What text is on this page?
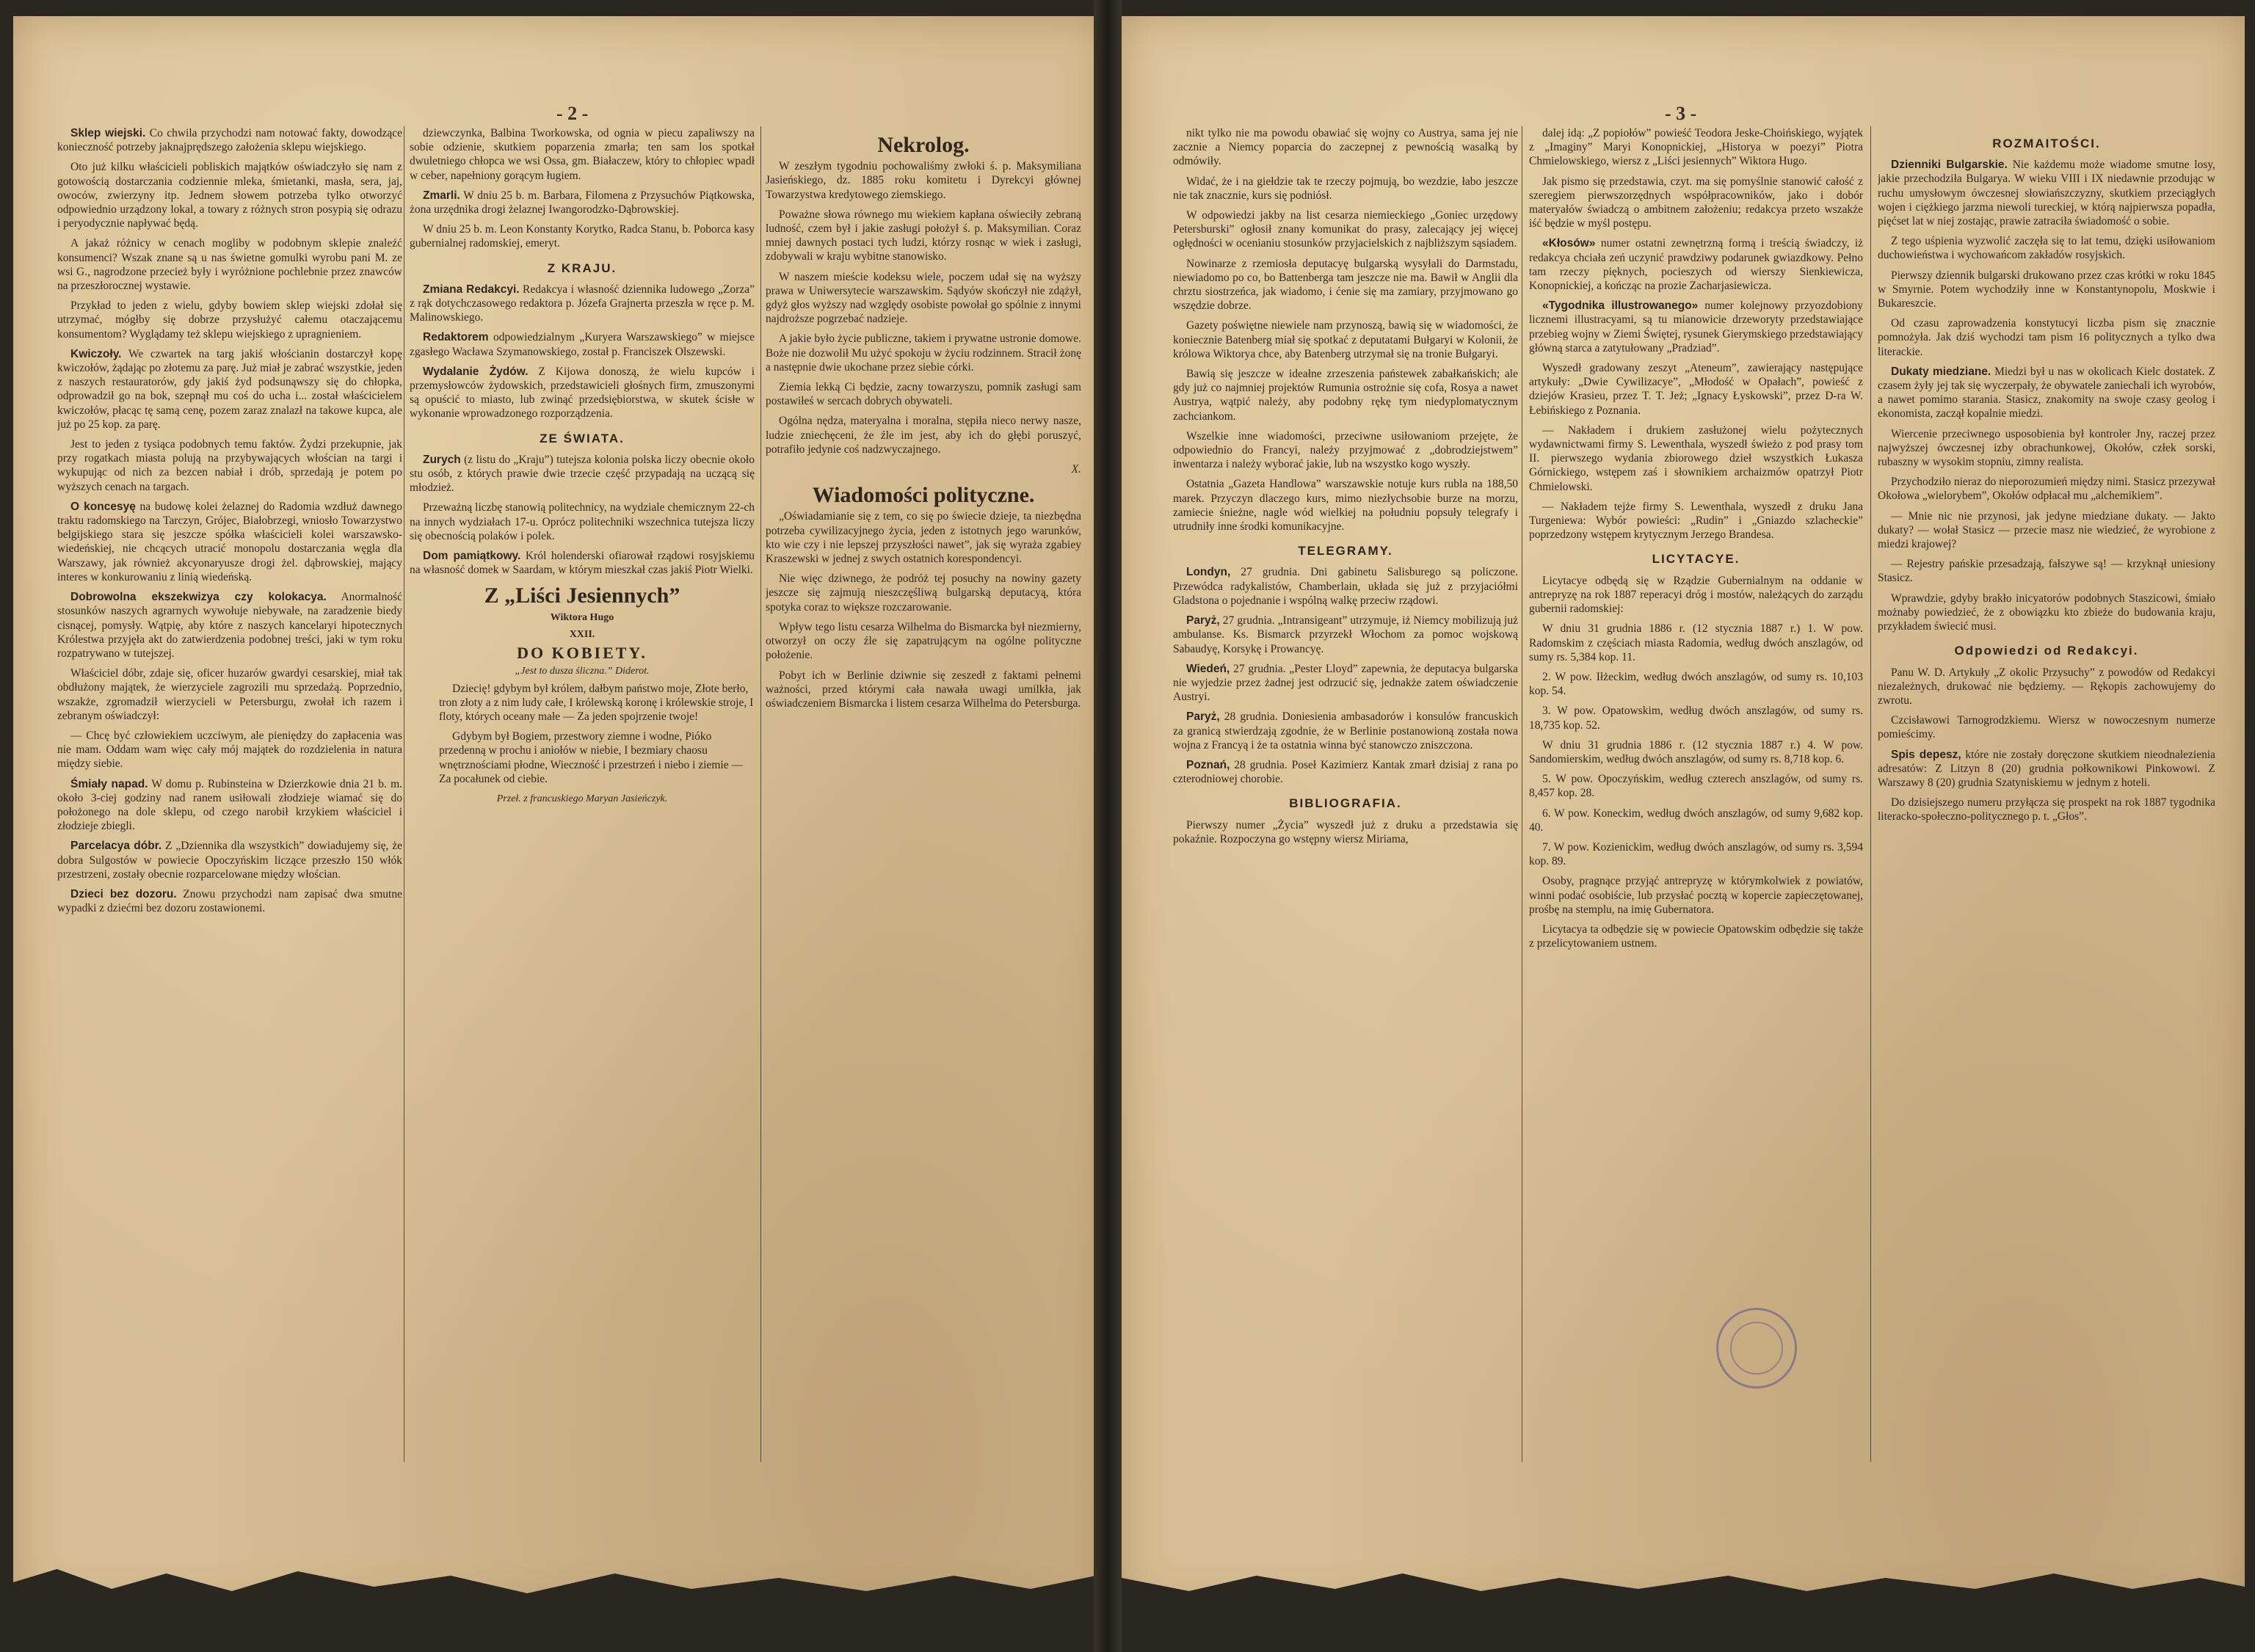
- 2 -

Sklep wiejski. Co chwila przychodzi nam notować fakty, dowodzące konieczność potrzeby jaknajprędszego założenia sklepu wiejskiego.

Oto już kilku właścicieli pobliskich majątków oświadczyło się nam z gotowością dostarczania codziennie mleka, śmietanki, masła, sera, jaj, owoców, zwierzyny itp. Jednem słowem potrzeba tylko otworzyć odpowiednio urządzony lokal, a towary z różnych stron posypią się odrazu i peryodycznie napływać będą.

A jakaż różnicy w cenach mogliby w podobnym sklepie znaleźć konsumenci? Wszak znane są u nas świetne gomulki wyrobu pani M. ze wsi G., nagrodzone przecież były i wyróżnione pochlebnie przez znawców na przeszłorocznej wystawie.

Przykład to jeden z wielu, gdyby bowiem sklep wiejski zdołał się utrzymać, mógłby się dobrze przysłużyć całemu otaczającemu konsumentom? Wyglądamy też sklepu wiejskiego z upragnieniem.

Kwiczoły. We czwartek na targ jakiś włościanin dostarczył kopę kwiczołów, żądając po złotemu za parę. Już miał je zabrać wszystkie, jeden z naszych restauratorów, gdy jakiś żyd podsunąwszy się do chłopka, odprowadził go na bok, szepnął mu coś do ucha i... został właścicielem kwiczołów, płacąc tę samą cenę, pozem zaraz znalazł na takowe kupca, ale już po 25 kop. za parę.

Jest to jeden z tysiąca podobnych temu faktów. Żydzi przekupnie, jak przy rogatkach miasta polują na przybywających włościan na targi i wykupując od nich za bezcen nabiał i drób, sprzedają je potem po wyższych cenach na targach.

O koncesyę na budowę kolei żelaznej do Radomia wzdłuż dawnego traktu radomskiego na Tarczyn, Grójec, Białobrzegi, wniosło Towarzystwo belgijskiego stara się jeszcze spółka właścicieli kolei warszawsko-wiedeńskiej, nie chcących utracić monopolu dostarczania węgla dla Warszawy, jak również akcyonaryusze drogi żel. dąbrowskiej, mający interes w konkurowaniu z linią wiedeńską.

Dobrowolna ekszekwizya czy kolokacya. Anormalność stosunków naszych agrarnych wywołuje niebywałe, na zaradzenie biedy cisnącej, pomysły. Wątpię, aby które z naszych kancelaryi hipotecznych Królestwa przyjęła akt do zatwierdzenia podobnej treści, jaki w tym roku rozpatrywano w tutejszej.

Właściciel dóbr, zdaje się, oficer huzarów gwardyi cesarskiej, miał tak obdłużony majątek, że wierzyciele zagrozili mu sprzedażą. Poprzednio, wszakże, zgromadził wierzycieli w Petersburgu, zwołał ich razem i zebranym oświadczył:

— Chcę być człowiekiem uczciwym, ale pieniędzy do zapłacenia was nie mam. Oddam wam więc cały mój majątek do rozdzielenia in natura między siebie.

Śmiały napad. W domu p. Rubinsteina w Dzierzkowie dnia 21 b. m. około 3-ciej godziny nad ranem usiłowali złodzieje wiamać się do położonego na dole sklepu, od czego narobił krzykiem właściciel i złodzieje zbiegli.

Parcelacya dóbr. Z „Dziennika dla wszystkich” dowiadujemy się, że dobra Sulgostów w powiecie Opoczyńskim liczące przeszło 150 włók przestrzeni, zostały obecnie rozparcelowane między włościan.

Dzieci bez dozoru. Znowu przychodzi nam zapisać dwa smutne wypadki z dziećmi bez dozoru zostawionemi.

dziewczynka, Balbina Tworkowska, od ognia w piecu zapaliwszy na sobie odzienie, skutkiem poparzenia zmarła; ten sam los spotkał dwuletniego chłopca we wsi Ossa, gm. Białaczew, który to chłopiec wpadł w ceber, napełniony gorącym ługiem.

Zmarli. W dniu 25 b. m. Barbara, Filomena z Przysuchów Piątkowska, żona urzędnika drogi żelaznej Iwangorodzko-Dąbrowskiej.

W dniu 25 b. m. Leon Konstanty Korytko, Radca Stanu, b. Poborca kasy gubernialnej radomskiej, emeryt.

Z KRAJU.

Zmiana Redakcyi. Redakcya i własność dziennika ludowego „Zorza” z rąk dotychczasowego redaktora p. Józefa Grajnerta przeszła w ręce p. M. Malinowskiego.

Redaktorem odpowiedzialnym „Kuryera Warszawskiego” w miejsce zgasłego Wacława Szymanowskiego, został p. Franciszek Olszewski.

Wydalanie Żydów. Z Kijowa donoszą, że wielu kupców i przemysłowców żydowskich, przedstawicieli głośnych firm, zmuszonymi są opuścić to miasto, lub zwinąć przedsiębiorstwa, w skutek ścisłe w wykonanie wprowadzonego rozporządzenia.

ZE ŚWIATA.

Zurych (z listu do „Kraju”) tutejsza kolonia polska liczy obecnie około stu osób, z których prawie dwie trzecie część przypadają na uczącą się młodzież.

Przeważną liczbę stanowią politechnicy, na wydziale chemicznym 22-ch na innych wydziałach 17-u. Oprócz politechniki wszechnica tutejsza liczy się obecnością polaków i polek.

Dom pamiątkowy. Król holenderski ofiarował rządowi rosyjskiemu na własność domek w Saardam, w którym mieszkał czas jakiś Piotr Wielki.

Z „Liści Jesiennych”
Wiktora Hugo
XXII.
DO KOBIETY.
„Jest to dusza śliczna.” Diderot.

Dziecię! gdybym był królem, dałbym państwo moje, Złote berło, tron złoty a z nim ludy całe, I królewską koronę i królewskie stroje, I floty, których oceany małe — Za jeden spojrzenie twoje!

Gdybym był Bogiem, przestwory ziemne i wodne, Pióko przedenną w prochu i aniołów w niebie, I bezmiary chaosu wnętrznościami płodne, Wieczność i przestrzeń i niebo i ziemie — Za pocałunek od ciebie.

Przeł. z francuskiego Maryan Jasieńczyk.
Nekrolog.

W zeszłym tygodniu pochowaliśmy zwłoki ś. p. Maksymiliana Jasieńskiego, dz. 1885 roku komitetu i Dyrekcyi głównej Towarzystwa kredytowego ziemskiego.

Poważne słowa równego mu wiekiem kapłana oświeciły zebraną ludność, czem był i jakie zasługi położył ś. p. Maksymilian. Coraz mniej dawnych postaci tych ludzi, którzy rosnąc w wiek i zasługi, zdobywali w kraju wybitne stanowisko.

W naszem mieście kodeksu wiele, poczem udał się na wyższy prawa w Uniwersytecie warszawskim. Sądyów skończył nie zdążył, gdyż głos wyższy nad względy osobiste powołał go spólnie z innymi najdroższe pogrzebać nadzieje.

A jakie było życie publiczne, takiem i prywatne ustronie domowe. Boże nie dozwolił Mu użyć spokoju w życiu rodzinnem. Stracił żonę a następnie dwie ukochane przez siebie córki.

Ziemia lekką Ci będzie, zacny towarzyszu, pomnik zasługi sam postawiłeś w sercach dobrych obywateli.

Ogólna nędza, materyalna i moralna, stępiła nieco nerwy nasze, ludzie zniechęceni, że źle im jest, aby ich do głębi poruszyć, potrafiło jedynie coś nadzwyczajnego.

X.
Wiadomości polityczne.

„Oświadamianie się z tem, co się po świecie dzieje, ta niezbędna potrzeba cywilizacyjnego życia, jeden z istotnych jego warunków, kto wie czy i nie lepszej przyszłości nawet”, jak się wyraża zgabiey Kraszewski w jednej z swych ostatnich korespondencyi.

Nie więc dziwnego, że podróż tej posuchy na nowiny gazety jeszcze się zajmują nieszczęśliwą bulgarską deputacyą, która spotyka coraz to większe rozczarowanie.

Wpływ tego listu cesarza Wilhelma do Bismarcka był niezmierny, otworzył on oczy źle się zapatrującym na ogólne polityczne położenie.

Pobyt ich w Berlinie dziwnie się zeszedł z faktami pełnemi ważności, przed którymi cała nawała uwagi umilkła, jak oświadczeniem Bismarcka i listem cesarza Wilhelma do Petersburga.

- 3 -

nikt tylko nie ma powodu obawiać się wojny co Austrya, sama jej nie zacznie a Niemcy poparcia do zaczepnej z pewnością wasalką by odmówiły.

Widać, że i na giełdzie tak te rzeczy pojmują, bo wezdzie, łabo jeszcze nie tak znacznie, kurs się podniósł.

W odpowiedzi jakby na list cesarza niemieckiego „Goniec urzędowy Petersburski” ogłosił znany komunikat do prasy, zalecający jej więcej ogłędności w ocenianiu stosunków przyjacielskich z najbliższym sąsiadem.

Nowinarze z rzemiosła deputacyę bulgarską wysyłali do Darmstadu, niewiadomo po co, bo Battenberga tam jeszcze nie ma. Bawił w Anglii dla chrztu siostrzeńca, jak wiadomo, i ćenie się ma zamiary, przyjmowano go wszędzie dobrze.

Gazety poświętne niewiele nam przynoszą, bawią się w wiadomości, że koniecznie Batenberg miał się spotkać z deputatami Bułgaryi w Kolonii, że królowa Wiktorya chce, aby Batenberg utrzymał się na tronie Bułgaryi.

Bawią się jeszcze w ideałne zrzeszenia państewek zabałkańskich; ale gdy już co najmniej projektów Rumunia ostrożnie się cofa, Rosya a nawet Austrya, wątpić należy, aby podobny rękę tym niedyplomatycznym zachciankom.

Wszelkie inne wiadomości, przeciwne usiłowaniom przejęte, że odpowiednio do Francyi, należy przyjmować z „dobrodziejstwem” inwentarza i należy wyborać jakie, lub na wszystko kogo wyszły.

Ostatnia „Gazeta Handlowa” warszawskie notuje kurs rubla na 188,50 marek. Przyczyn dlaczego kurs, mimo niezłychsobie burze na morzu, zamiecie śnieżne, nagle wód wielkiej na południu popsuły telegrafy i utrudniły inne środki komunikacyjne.

TELEGRAMY.

Londyn, 27 grudnia. Dni gabinetu Salisburego są policzone. Przewódca radykalistów, Chamberlain, układa się już z przyjaciółmi Gladstona o pojednanie i wspólną walkę przeciw rządowi.

Paryż, 27 grudnia. „Intransigeant” utrzymuje, iż Niemcy mobilizują już ambulanse. Ks. Bismarck przyrzekł Włochom za pomoc wojskową Sabaudyę, Korsykę i Prowancyę.

Wiedeń, 27 grudnia. „Pester Lloyd” zapewnia, że deputacya bulgarska nie wyjedzie przez żadnej jest odrzucić się, jednakże zatem oświadczenie Austryi.

Paryż, 28 grudnia. Doniesienia ambasadorów i konsulów francuskich za granicą stwierdzają zgodnie, że w Berlinie postanowioną została nowa wojna z Francyą i że ta ostatnia winna być stanowczo zniszczona.

Poznań, 28 grudnia. Poseł Kazimierz Kantak zmarł dzisiaj z rana po czterodniowej chorobie.

BIBLIOGRAFIA.

Pierwszy numer „Życia” wyszedł już z druku a przedstawia się pokaźnie. Rozpoczyna go wstępny wiersz Miriama,

dalej idą: „Z popiołów” powieść Teodora Jeske-Choińskiego, wyjątek z „Imaginy” Maryi Konopnickiej, „Historya w poezyi” Piotra Chmielowskiego, wiersz z „Liści jesiennych” Wiktora Hugo.

Jak pismo się przedstawia, czyt. ma się pomyślnie stanowić całość z szeregiem pierwszorzędnych współpracowników, jako i dobór materyałów świadczą o ambitnem założeniu; redakcya przeto wszakże iść będzie w myśl postępu.

«Kłosów» numer ostatni zewnętrzną formą i treścią świadczy, iż redakcya chciała zeń uczynić prawdziwy podarunek gwiazdkowy. Pełno tam rzeczy pięknych, pocieszych od wierszy Sienkiewicza, Konopnickiej, a kończąc na prozie Zacharjasiewicza.

«Tygodnika illustrowanego» numer kolejnowy przyozdobiony licznemi illustracyami, są tu mianowicie drzeworyty przedstawiające przebieg wojny w Ziemi Świętej, rysunek Gierymskiego przedstawiający główną starca a zatytułowany „Pradziad”.

Wyszedł gradowany zeszyt „Ateneum”, zawierający następujące artykuły: „Dwie Cywilizacye”, „Młodość w Opałach”, powieść z dziejów Krasieu, przez T. T. Jeż; „Ignacy Łyskowski”, przez D-ra W. Łebińskiego z Poznania.

— Nakładem i drukiem zasłużonej wielu pożytecznych wydawnictwami firmy S. Lewenthala, wyszedł świeżo z pod prasy tom II. pierwszego wydania zbiorowego dzieł wszystkich Łukasza Górnickiego, wstępem zaś i słownikiem archaizmów opatrzył Piotr Chmielowski.

— Nakładem tejże firmy S. Lewenthala, wyszedł z druku Jana Turgeniewa: Wybór powieści: „Rudin” i „Gniazdo szlacheckie” poprzedzony wstępem krytycznym Jerzego Brandesa.

LICYTACYE.

Licytacye odbędą się w Rządzie Gubernialnym na oddanie w antrepryzę na rok 1887 reperacyi dróg i mostów, należących do zarządu gubernii radomskiej:

W dniu 31 grudnia 1886 r. (12 stycznia 1887 r.) 1. W pow. Radomskim z częściach miasta Radomia, według dwóch anszlagów, od sumy rs. 5,384 kop. 11.

2. W pow. Iłżeckim, według dwóch anszlagów, od sumy rs. 10,103 kop. 54.

3. W pow. Opatowskim, według dwóch anszlagów, od sumy rs. 18,735 kop. 52.

W dniu 31 grudnia 1886 r. (12 stycznia 1887 r.) 4. W pow. Sandomierskim, według dwóch anszlagów, od sumy rs. 8,718 kop. 6.

5. W pow. Opoczyńskim, według czterech anszlagów, od sumy rs. 8,457 kop. 28.

6. W pow. Koneckim, według dwóch anszlagów, od sumy 9,682 kop. 40.

7. W pow. Kozienickim, według dwóch anszlagów, od sumy rs. 3,594 kop. 89.

Osoby, pragnące przyjąć antrepryzę w którymkolwiek z powiatów, winni podać osobiście, lub przysłać pocztą w kopercie zapieczętowanej, prośbę na stemplu, na imię Gubernatora.

Licytacya ta odbędzie się w powiecie Opatowskim odbędzie się także z przelicytowaniem ustnem.

ROZMAITOŚCI.

Dzienniki Bulgarskie. Nie każdemu może wiadome smutne losy, jakie przechodziła Bulgarya. W wieku VIII i IX niedawnie przodując w ruchu umysłowym ówczesnej słowiańszczyzny, skutkiem przeciągłych wojen i ciężkiego jarzma niewoli tureckiej, w którą najpierwsza popadła, pięćset lat w niej zostając, prawie zatraciła świadomość o sobie.

Z tego uśpienia wyzwolić zaczęła się to lat temu, dzięki usiłowaniom duchowieństwa i wychowańcom zakładów rosyjskich.

Pierwszy dziennik bulgarski drukowano przez czas krótki w roku 1845 w Smyrnie. Potem wychodziły inne w Konstantynopolu, Moskwie i Bukareszcie.

Od czasu zaprowadzenia konstytucyi liczba pism się znacznie pomnożyła. Jak dziś wychodzi tam pism 16 politycznych a tylko dwa literackie.

Dukaty miedziane. Miedzi był u nas w okolicach Kielc dostatek. Z czasem żyły jej tak się wyczerpały, że obywatele zaniechali ich wyrobów, a nawet pomimo starania. Stasicz, znakomity na swoje czasy geolog i ekonomista, zaczął kopalnie miedzi.

Wiercenie przeciwnego usposobienia był kontroler Jny, raczej przez najwyższej ówczesnej izby obrachunkowej, Okołów, człek sorski, rubaszny w wysokim stopniu, zimny realista.

Przychodziło nieraz do nieporozumień między nimi. Stasicz przezywał Okołowa „wielorybem”, Okołów odpłacał mu „alchemikiem”.

— Mnie nic nie przynosi, jak jedyne miedziane dukaty. — Jakto dukaty? — wołał Stasicz — przecie masz nie wiedzieć, że wyrobione z miedzi krajowej?

— Rejestry pańskie przesadzają, fałszywe są! — krzyknął uniesiony Stasicz.

Wprawdzie, gdyby brakło inicyatorów podobnych Staszicowi, śmiało możnaby powiedzieć, że z obowiązku kto zbieże do budowania kraju, przykładem świecić musi.

Odpowiedzi od Redakcyi.

Panu W. D. Artykuły „Z okolic Przysuchy” z powodów od Redakcyi niezależnych, drukować nie będziemy. — Rękopis zachowujemy do zwrotu.

Czcisławowi Tarnogrodzkiemu. Wiersz w nowoczesnym numerze pomieścimy.

Spis depesz, które nie zostały doręczone skutkiem nieodnalezienia adresatów: Z Litzyn 8 (20) grudnia połkownikowi Pinkowowi. Z Warszawy 8 (20) grudnia Szatyniskiemu w jednym z hoteli.

Do dzisiejszego numeru przyłącza się prospekt na rok 1887 tygodnika literacko-społeczno-politycznego p. t. „Głos”.
